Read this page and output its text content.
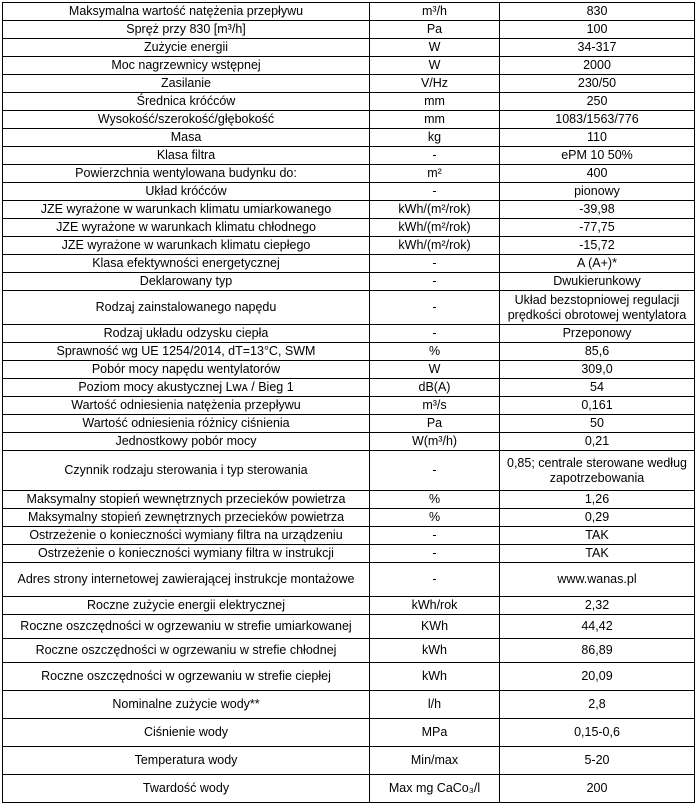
Maksymalna wartość natężenia przepływu	m³/h	830
Spręż przy 830 [m³/h]	Pa	100
Zużycie energii	W	34-317
Moc nagrzewnicy wstępnej	W	2000
Zasilanie	V/Hz	230/50
Średnica króćców	mm	250
Wysokość/szerokość/głębokość	mm	1083/1563/776
Masa	kg	110
Klasa filtra	-	ePM 10 50%
Powierzchnia wentylowana budynku do:	m²	400
Układ króćców	-	pionowy
JZE wyrażone w warunkach klimatu umiarkowanego	kWh/(m²/rok)	-39,98
JZE wyrażone w warunkach klimatu chłodnego	kWh/(m²/rok)	-77,75
JZE wyrażone w warunkach klimatu ciepłego	kWh/(m²/rok)	-15,72
Klasa efektywności energetycznej	-	A (A+)*
Deklarowany typ	-	Dwukierunkowy
Rodzaj zainstalowanego napędu	-	Układ bezstopniowej regulacji prędkości obrotowej wentylatora
Rodzaj układu odzysku ciepła	-	Przeponowy
Sprawność wg UE 1254/2014, dT=13°C, SWM	%	85,6
Pobór mocy napędu wentylatorów	W	309,0
Poziom mocy akustycznej Lᴡᴀ / Bieg 1	dB(A)	54
Wartość odniesienia natężenia przepływu	m³/s	0,161
Wartość odniesienia różnicy ciśnienia	Pa	50
Jednostkowy pobór mocy	W(m³/h)	0,21
Czynnik rodzaju sterowania i typ sterowania	-	0,85; centrale sterowane według zapotrzebowania
Maksymalny stopień wewnętrznych przecieków powietrza	%	1,26
Maksymalny stopień zewnętrznych przecieków powietrza	%	0,29
Ostrzeżenie o konieczności wymiany filtra na urządzeniu	-	TAK
Ostrzeżenie o konieczności wymiany filtra w instrukcji	-	TAK
Adres strony internetowej zawierającej instrukcje montażowe	-	www.wanas.pl
Roczne zużycie energii elektrycznej	kWh/rok	2,32
Roczne oszczędności w ogrzewaniu w strefie umiarkowanej	KWh	44,42
Roczne oszczędności w ogrzewaniu w strefie chłodnej	kWh	86,89
Roczne oszczędności w ogrzewaniu w strefie ciepłej	kWh	20,09
Nominalne zużycie wody**	l/h	2,8
Ciśnienie wody	MPa	0,15-0,6
Temperatura wody	Min/max	5-20
Twardość wody	Max mg CaCo₃/l	200
